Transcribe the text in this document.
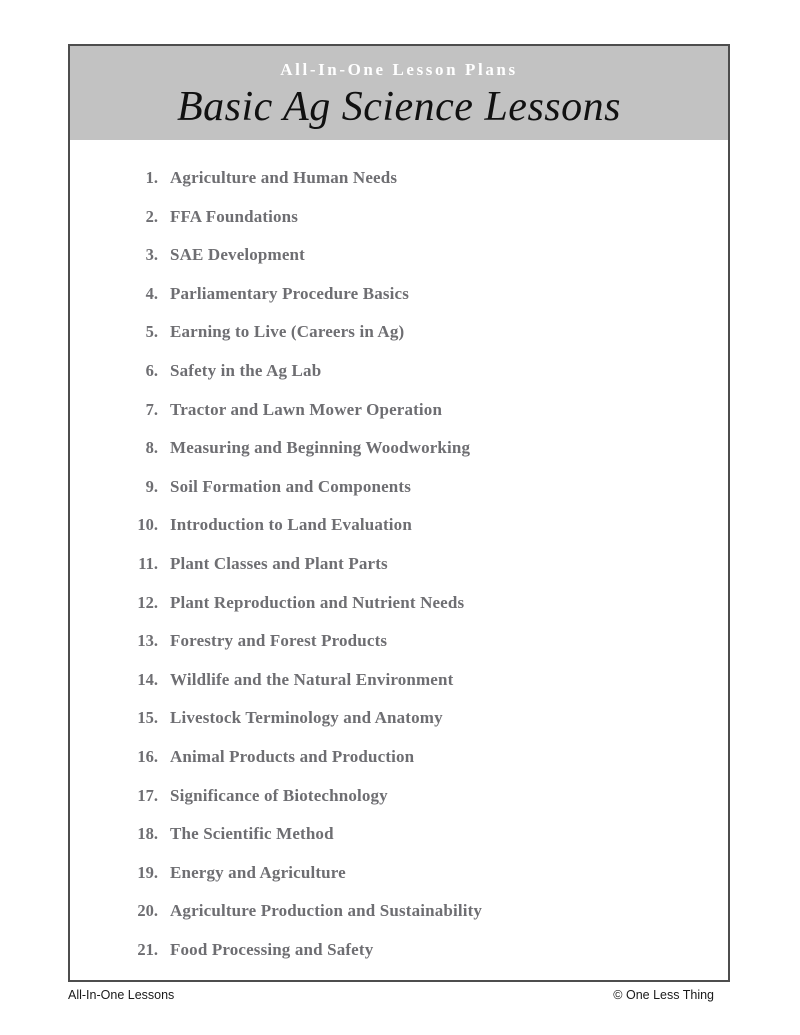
All-In-One Lesson Plans
Basic Ag Science Lessons
1. Agriculture and Human Needs
2. FFA Foundations
3. SAE Development
4. Parliamentary Procedure Basics
5. Earning to Live (Careers in Ag)
6. Safety in the Ag Lab
7. Tractor and Lawn Mower Operation
8. Measuring and Beginning Woodworking
9. Soil Formation and Components
10. Introduction to Land Evaluation
11. Plant Classes and Plant Parts
12. Plant Reproduction and Nutrient Needs
13. Forestry and Forest Products
14. Wildlife and the Natural Environment
15. Livestock Terminology and Anatomy
16. Animal Products and Production
17. Significance of Biotechnology
18. The Scientific Method
19. Energy and Agriculture
20. Agriculture Production and Sustainability
21. Food Processing and Safety
All-In-One Lessons	© One Less Thing
